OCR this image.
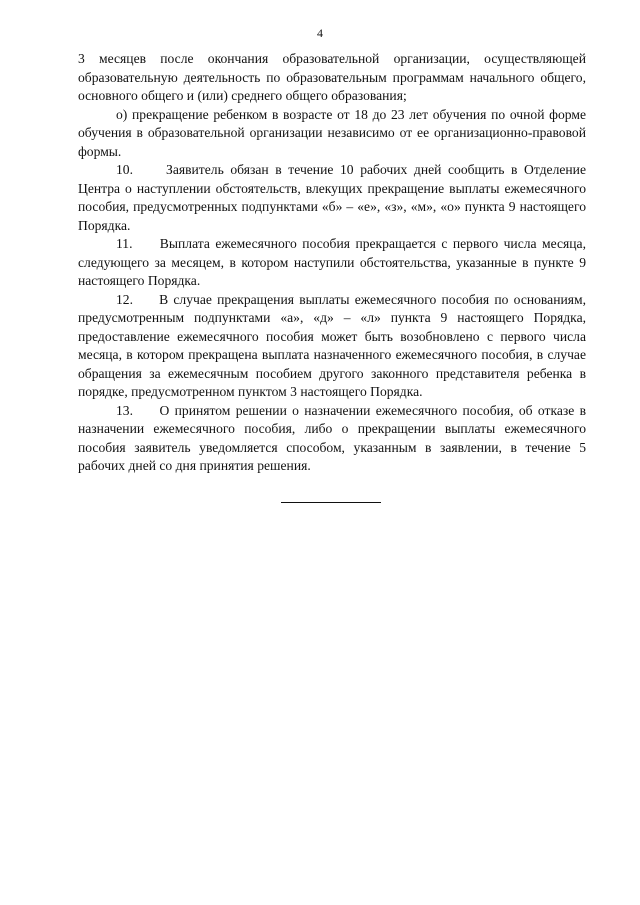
4

3 месяцев после окончания образовательной организации, осуществляющей образовательную деятельность по образовательным программам начального общего, основного общего и (или) среднего общего образования;

о) прекращение ребенком в возрасте от 18 до 23 лет обучения по очной форме обучения в образовательной организации независимо от ее организационно-правовой формы.

10.     Заявитель обязан в течение 10 рабочих дней сообщить в Отделение Центра о наступлении обстоятельств, влекущих прекращение выплаты ежемесячного пособия, предусмотренных подпунктами «б» – «е», «з», «м», «о» пункта 9 настоящего Порядка.

11.     Выплата ежемесячного пособия прекращается с первого числа месяца, следующего за месяцем, в котором наступили обстоятельства, указанные в пункте 9 настоящего Порядка.

12.     В случае прекращения выплаты ежемесячного пособия по основаниям, предусмотренным подпунктами «а», «д» – «л» пункта 9 настоящего Порядка, предоставление ежемесячного пособия может быть возобновлено с первого числа месяца, в котором прекращена выплата назначенного ежемесячного пособия, в случае обращения за ежемесячным пособием другого законного представителя ребенка в порядке, предусмотренном пунктом 3 настоящего Порядка.

13.     О принятом решении о назначении ежемесячного пособия, об отказе в назначении ежемесячного пособия, либо о прекращении выплаты ежемесячного пособия заявитель уведомляется способом, указанным в заявлении, в течение 5 рабочих дней со дня принятия решения.
